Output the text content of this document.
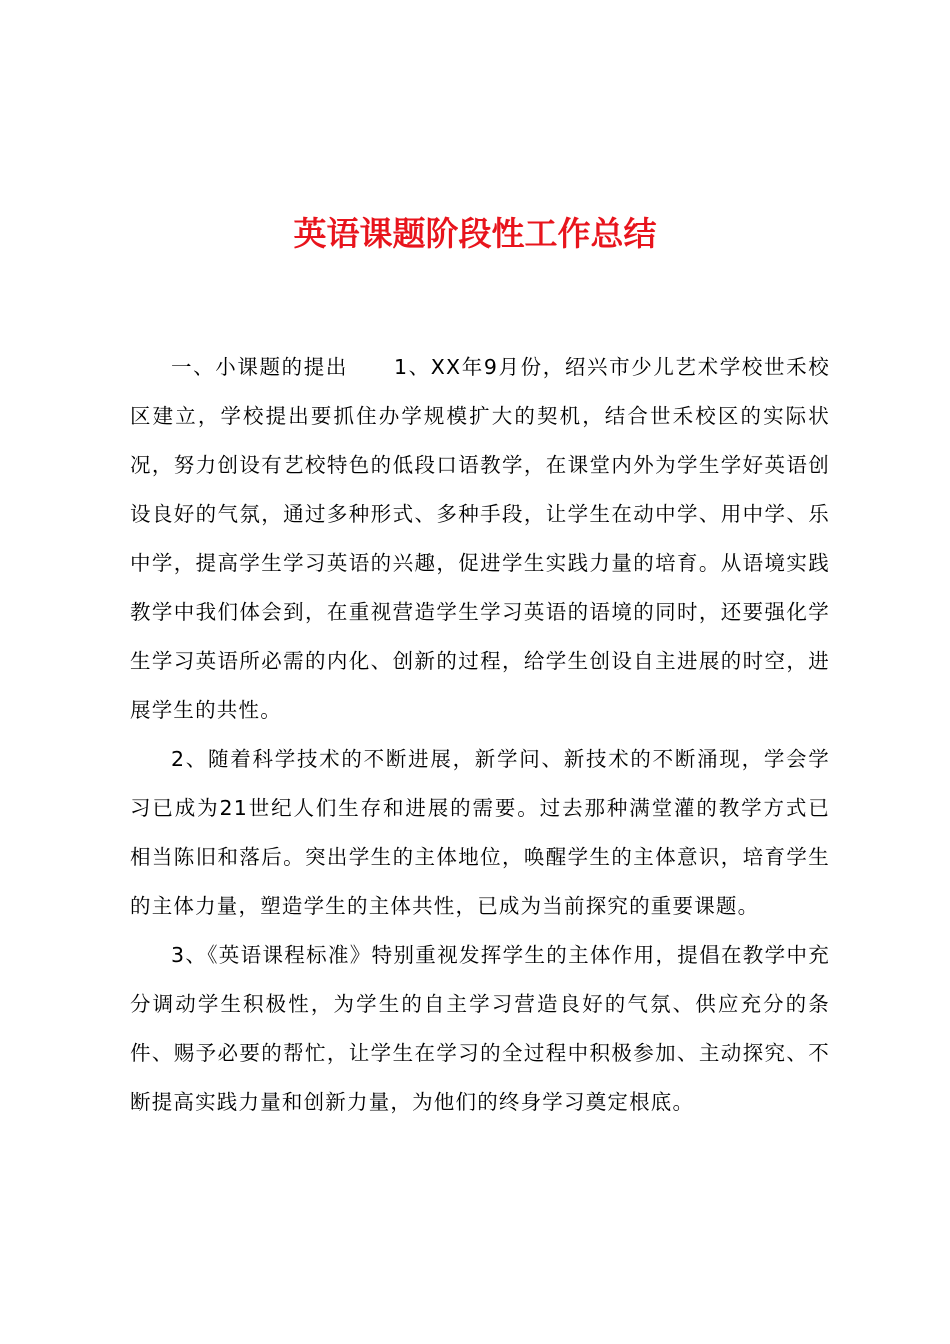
英语课题阶段性工作总结

一、小课题的提出 1、XX年9月份，绍兴市少儿艺术学校世禾校区建立，学校提出要抓住办学规模扩大的契机，结合世禾校区的实际状况，努力创设有艺校特色的低段口语教学，在课堂内外为学生学好英语创设良好的气氛，通过多种形式、多种手段，让学生在动中学、用中学、乐中学，提高学生学习英语的兴趣，促进学生实践力量的培育。从语境实践教学中我们体会到，在重视营造学生学习英语的语境的同时，还要强化学生学习英语所必需的内化、创新的过程，给学生创设自主进展的时空，进展学生的共性。

2、随着科学技术的不断进展，新学问、新技术的不断涌现，学会学习已成为21世纪人们生存和进展的需要。过去那种满堂灌的教学方式已相当陈旧和落后。突出学生的主体地位，唤醒学生的主体意识，培育学生的主体力量，塑造学生的主体共性，已成为当前探究的重要课题。

3、《英语课程标准》特别重视发挥学生的主体作用，提倡在教学中充分调动学生积极性，为学生的自主学习营造良好的气氛、供应充分的条件、赐予必要的帮忙，让学生在学习的全过程中积极参加、主动探究、不断提高实践力量和创新力量，为他们的终身学习奠定根底。
